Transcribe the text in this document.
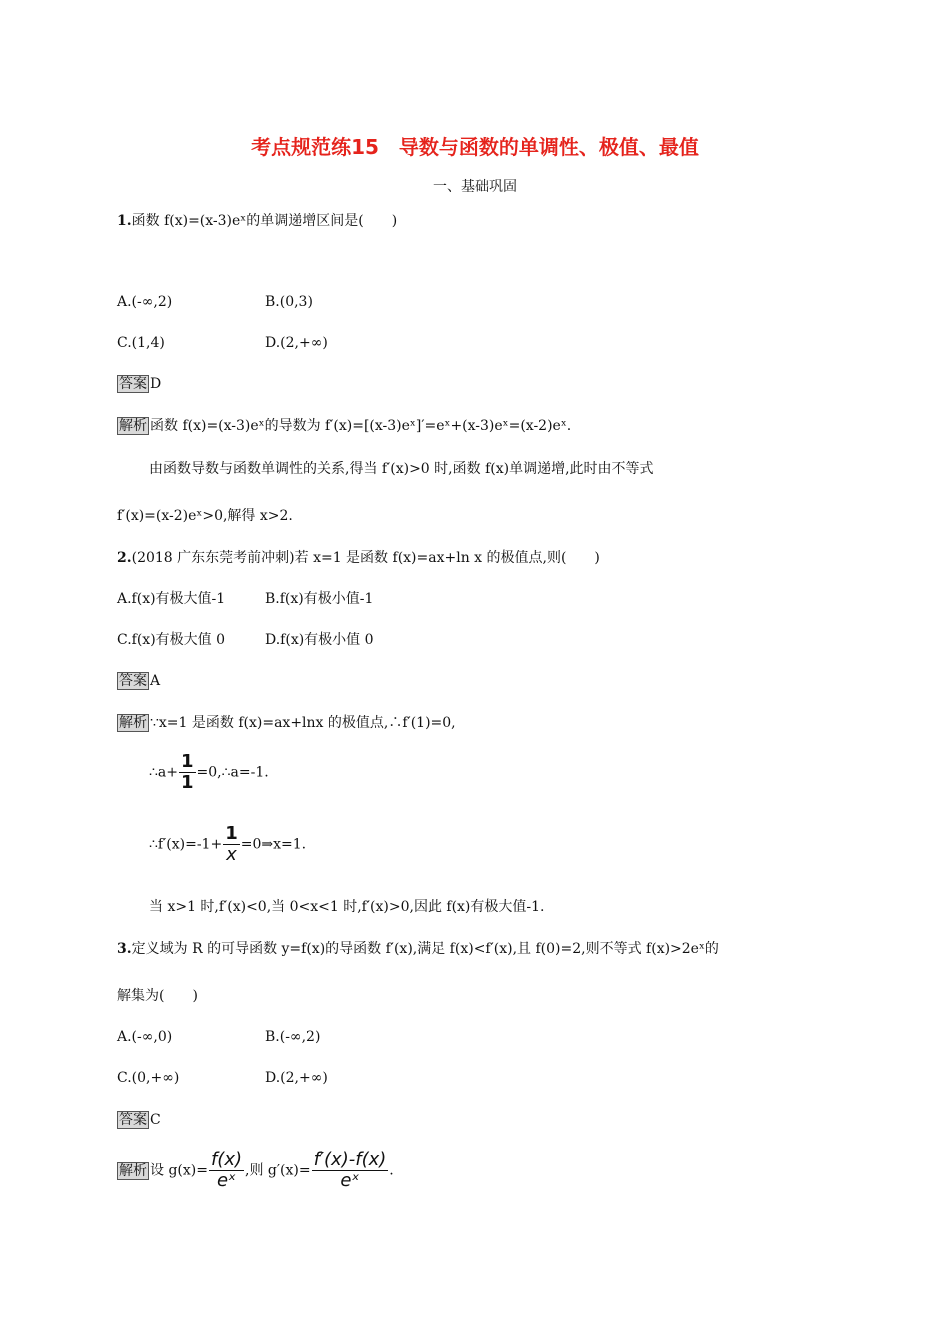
考点规范练15　导数与函数的单调性、极值、最值
一、基础巩固
1.函数 f(x)=(x-3)eˣ的单调递增区间是(　　)
A.(-∞,2)	B.(0,3)
C.(1,4)	D.(2,+∞)
答案 D
解析 函数 f(x)=(x-3)eˣ的导数为 f′(x)=[(x-3)eˣ]′=eˣ+(x-3)eˣ=(x-2)eˣ.
由函数导数与函数单调性的关系,得当 f′(x)>0 时,函数 f(x)单调递增,此时由不等式
f′(x)=(x-2)eˣ>0,解得 x>2.
2.(2018 广东东莞考前冲刺)若 x=1 是函数 f(x)=ax+ln x 的极值点,则(　　)
A.f(x)有极大值-1	B.f(x)有极小值-1
C.f(x)有极大值 0	D.f(x)有极小值 0
答案 A
解析 ∵x=1 是函数 f(x)=ax+lnx 的极值点,∴f′(1)=0,
∴a+ $\frac{1}{1}$ =0,∴a=-1.
∴f′(x)=-1+ $\frac{1}{x}$ =0⇒x=1.
当 x>1 时,f′(x)<0,当 0<x<1 时,f′(x)>0,因此 f(x)有极大值-1.
3.定义域为 R 的可导函数 y=f(x)的导函数 f′(x),满足 f(x)<f′(x),且 f(0)=2,则不等式 f(x)>2eˣ的
解集为(　　)
A.(-∞,0)	B.(-∞,2)
C.(0,+∞)	D.(2,+∞)
答案 C
解析 设 $g(x)= \frac{f(x)}{\text{eˣ}}$ ,则 $g'(x)= \frac{f'(x)-f(x)}{\text{eˣ}}$ .
